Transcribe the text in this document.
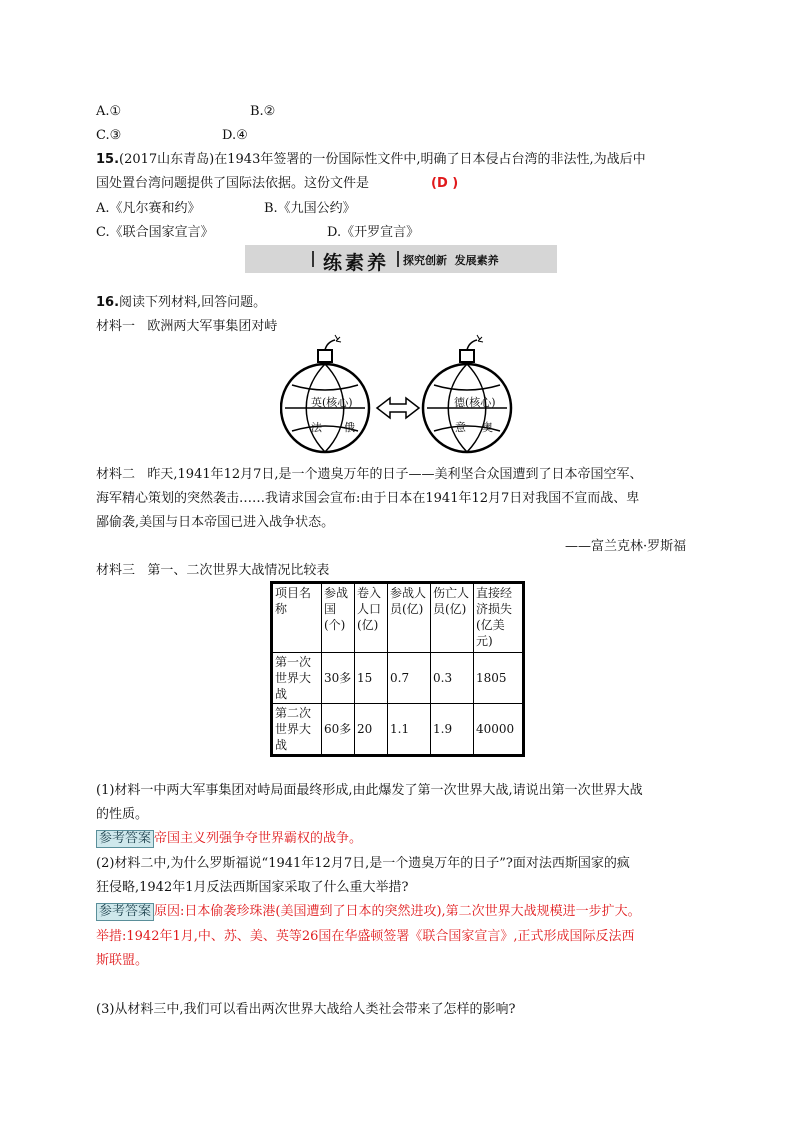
A.①	B.②
C.③	D.④
15.(2017山东青岛)在1943年签署的一份国际性文件中,明确了日本侵占台湾的非法性,为战后中
国处置台湾问题提供了国际法依据。这份文件是	(D )
A.《凡尔赛和约》	B.《九国公约》
C.《联合国家宣言》	D.《开罗宣言》
练素养 探究创新  发展素养
16.阅读下列材料,回答问题。
材料一   欧洲两大军事集团对峙
英(核心)
法 俄
德(核心)
意 奥
材料二   昨天,1941年12月7日,是一个遗臭万年的日子——美利坚合众国遭到了日本帝国空军、
海军精心策划的突然袭击……我请求国会宣布:由于日本在1941年12月7日对我国不宣而战、卑
鄙偷袭,美国与日本帝国已进入战争状态。
——富兰克林·罗斯福
材料三   第一、二次世界大战情况比较表
项目名称	参战国(个)	卷入人口(亿)	参战人员(亿)	伤亡人员(亿)	直接经济损失(亿美元)
第一次世界大战	30多	15	0.7	0.3	1805
第二次世界大战	60多	20	1.1	1.9	40000
(1)材料一中两大军事集团对峙局面最终形成,由此爆发了第一次世界大战,请说出第一次世界大战
的性质。
参考答案 帝国主义列强争夺世界霸权的战争。
(2)材料二中,为什么罗斯福说“1941年12月7日,是一个遗臭万年的日子”?面对法西斯国家的疯
狂侵略,1942年1月反法西斯国家采取了什么重大举措?
参考答案 原因:日本偷袭珍珠港(美国遭到了日本的突然进攻),第二次世界大战规模进一步扩大。
举措:1942年1月,中、苏、美、英等26国在华盛顿签署《联合国家宣言》,正式形成国际反法西
斯联盟。
(3)从材料三中,我们可以看出两次世界大战给人类社会带来了怎样的影响?
